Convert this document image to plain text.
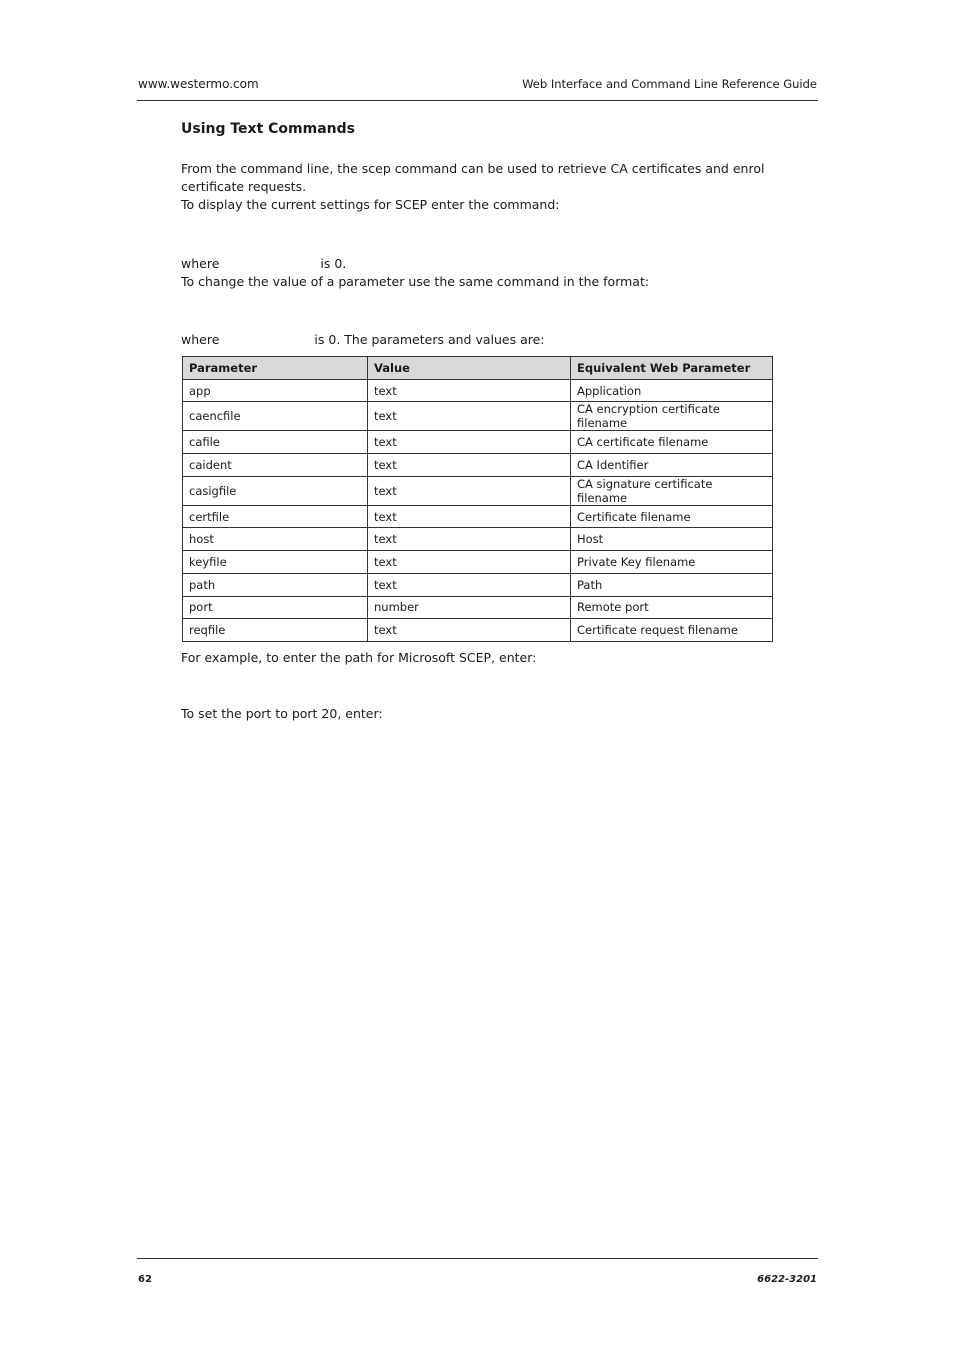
www.westermo.com	Web Interface and Command Line Reference Guide
Using Text Commands
From the command line, the scep command can be used to retrieve CA certificates and enrol
certificate requests.
To display the current settings for SCEP enter the command:
where	is 0.
To change the value of a parameter use the same command in the format:
where	is 0. The parameters and values are:
Parameter	Value	Equivalent Web Parameter
app	text	Application
caencfile	text	CA encryption certificate filename
cafile	text	CA certificate filename
caident	text	CA Identifier
casigfile	text	CA signature certificate filename
certfile	text	Certificate filename
host	text	Host
keyfile	text	Private Key filename
path	text	Path
port	number	Remote port
reqfile	text	Certificate request filename
For example, to enter the path for Microsoft SCEP, enter:
To set the port to port 20, enter:
62	6622-3201
